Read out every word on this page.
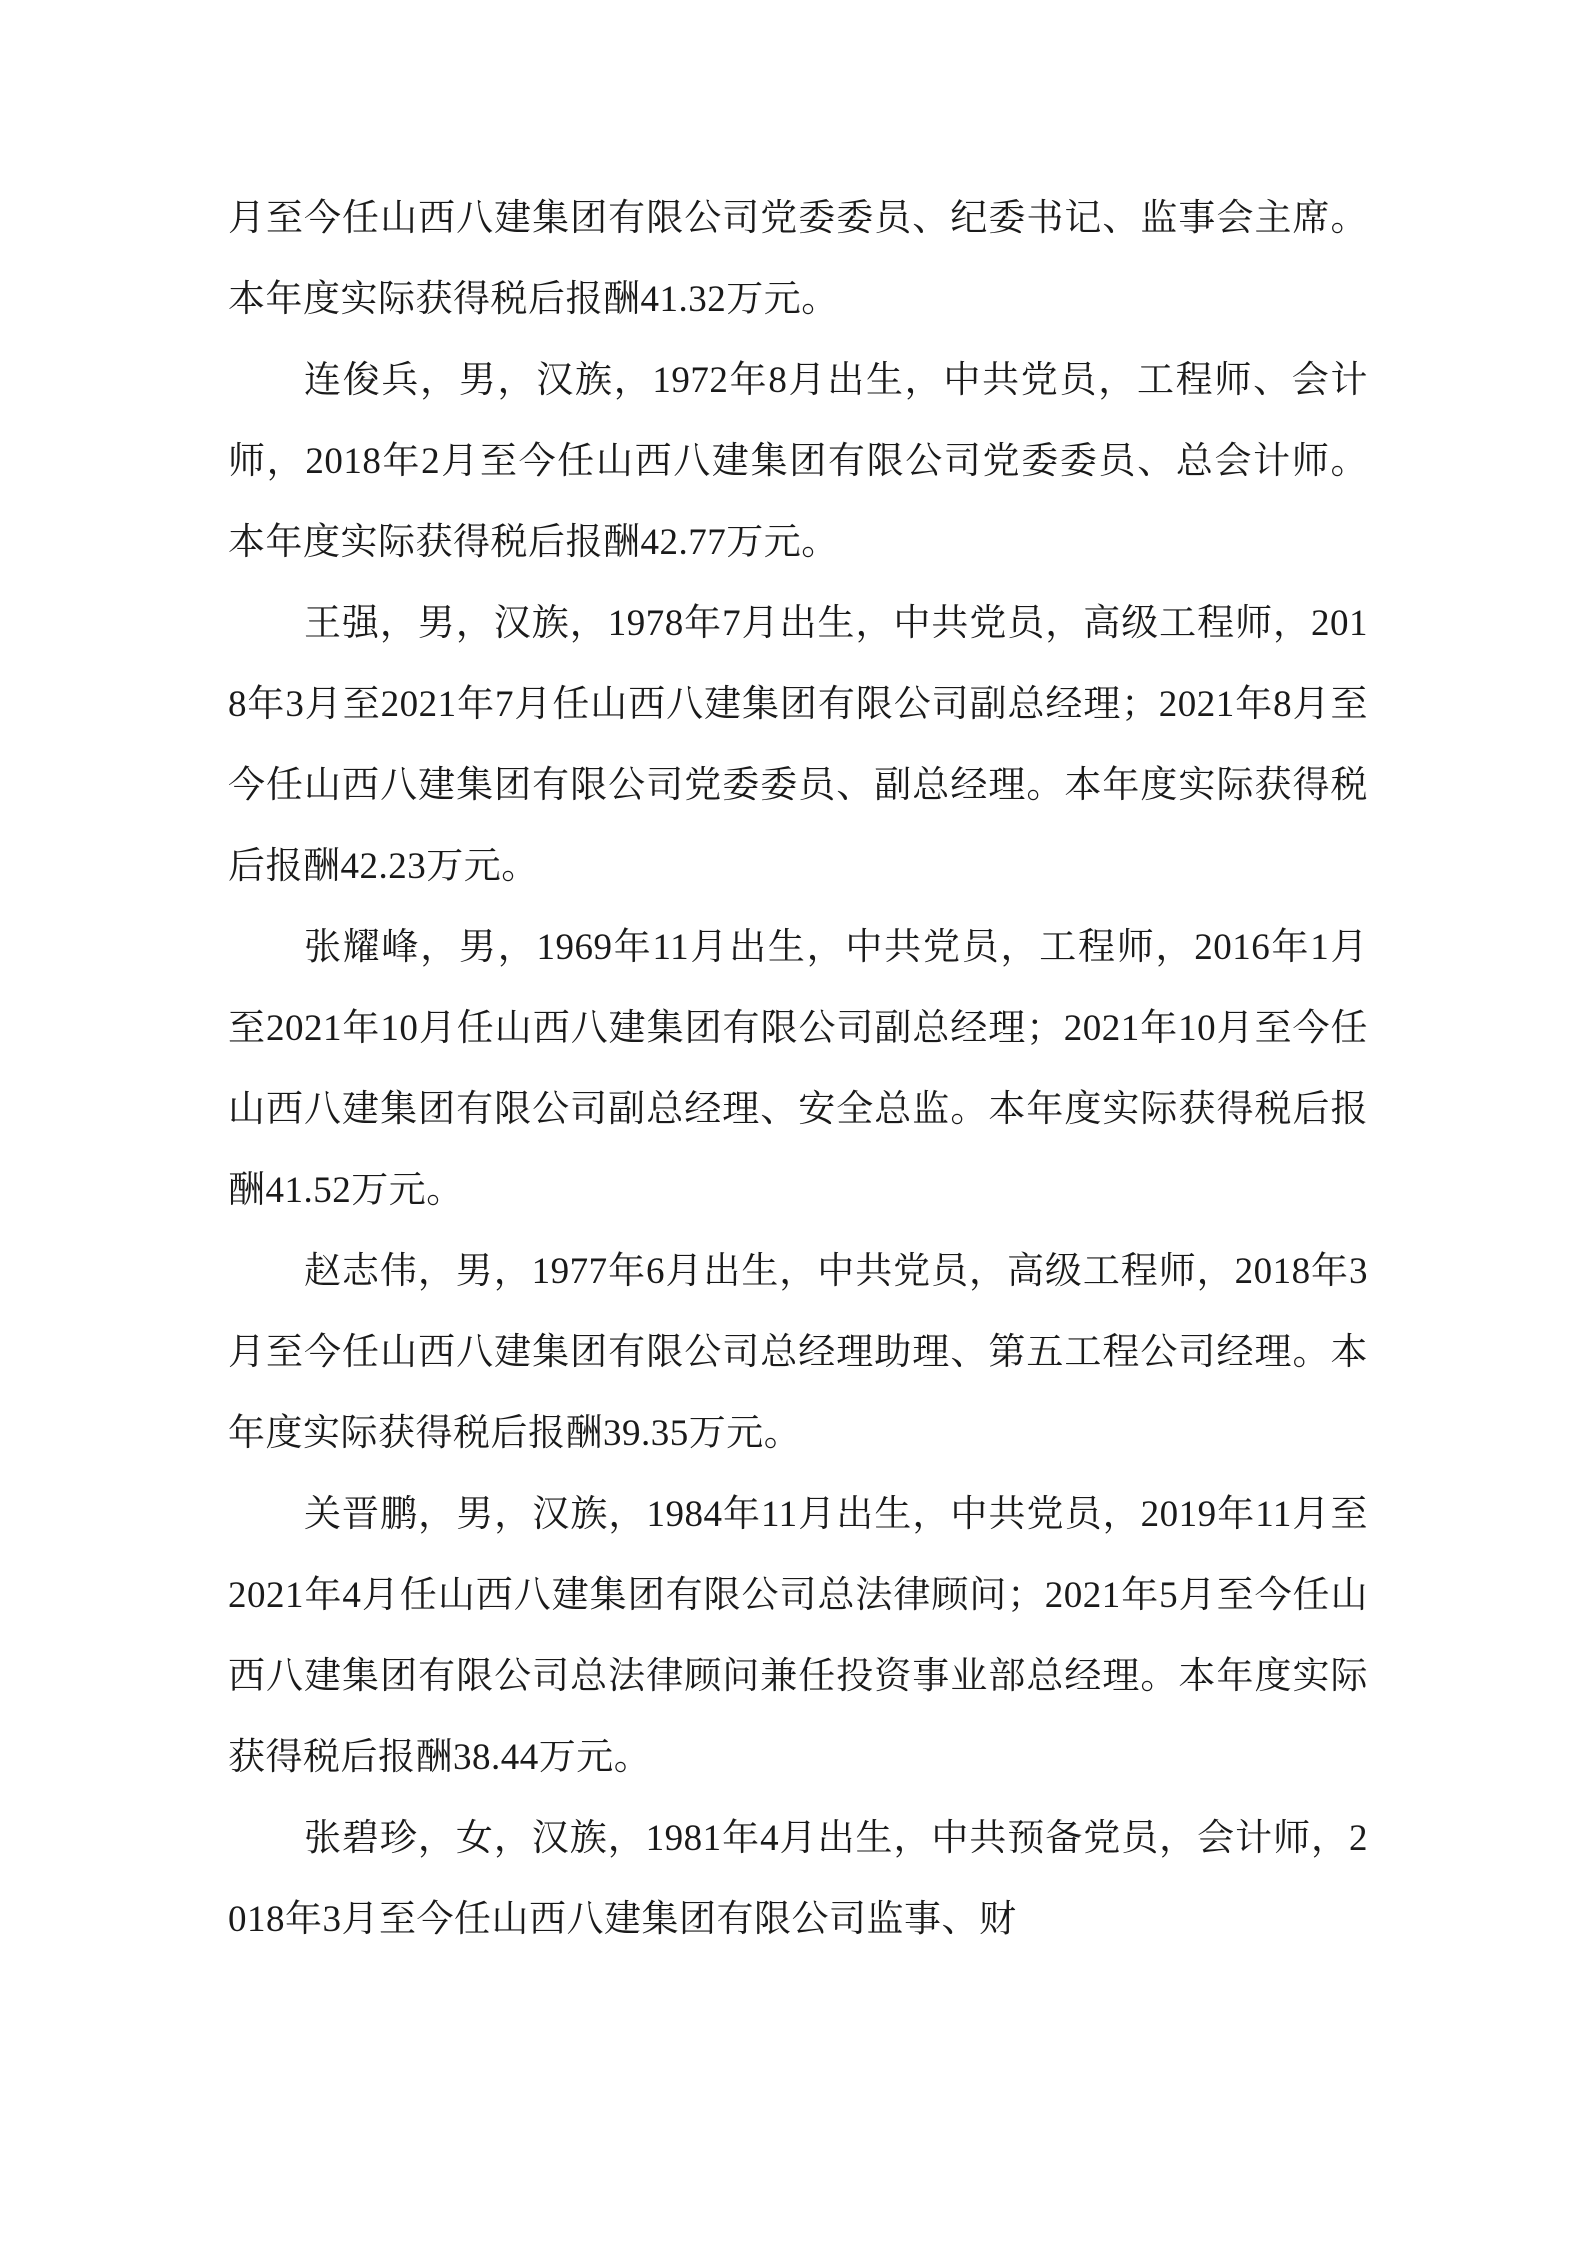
月至今任山西八建集团有限公司党委委员、纪委书记、监事会主席。本年度实际获得税后报酬41.32万元。

连俊兵，男，汉族，1972年8月出生，中共党员，工程师、会计师，2018年2月至今任山西八建集团有限公司党委委员、总会计师。本年度实际获得税后报酬42.77万元。

王强，男，汉族，1978年7月出生，中共党员，高级工程师，2018年3月至2021年7月任山西八建集团有限公司副总经理；2021年8月至今任山西八建集团有限公司党委委员、副总经理。本年度实际获得税后报酬42.23万元。

张耀峰，男，1969年11月出生，中共党员，工程师，2016年1月至2021年10月任山西八建集团有限公司副总经理；2021年10月至今任山西八建集团有限公司副总经理、安全总监。本年度实际获得税后报酬41.52万元。

赵志伟，男，1977年6月出生，中共党员，高级工程师，2018年3月至今任山西八建集团有限公司总经理助理、第五工程公司经理。本年度实际获得税后报酬39.35万元。

关晋鹏，男，汉族，1984年11月出生，中共党员，2019年11月至2021年4月任山西八建集团有限公司总法律顾问；2021年5月至今任山西八建集团有限公司总法律顾问兼任投资事业部总经理。本年度实际获得税后报酬38.44万元。

张碧珍，女，汉族，1981年4月出生，中共预备党员，会计师，2018年3月至今任山西八建集团有限公司监事、财
